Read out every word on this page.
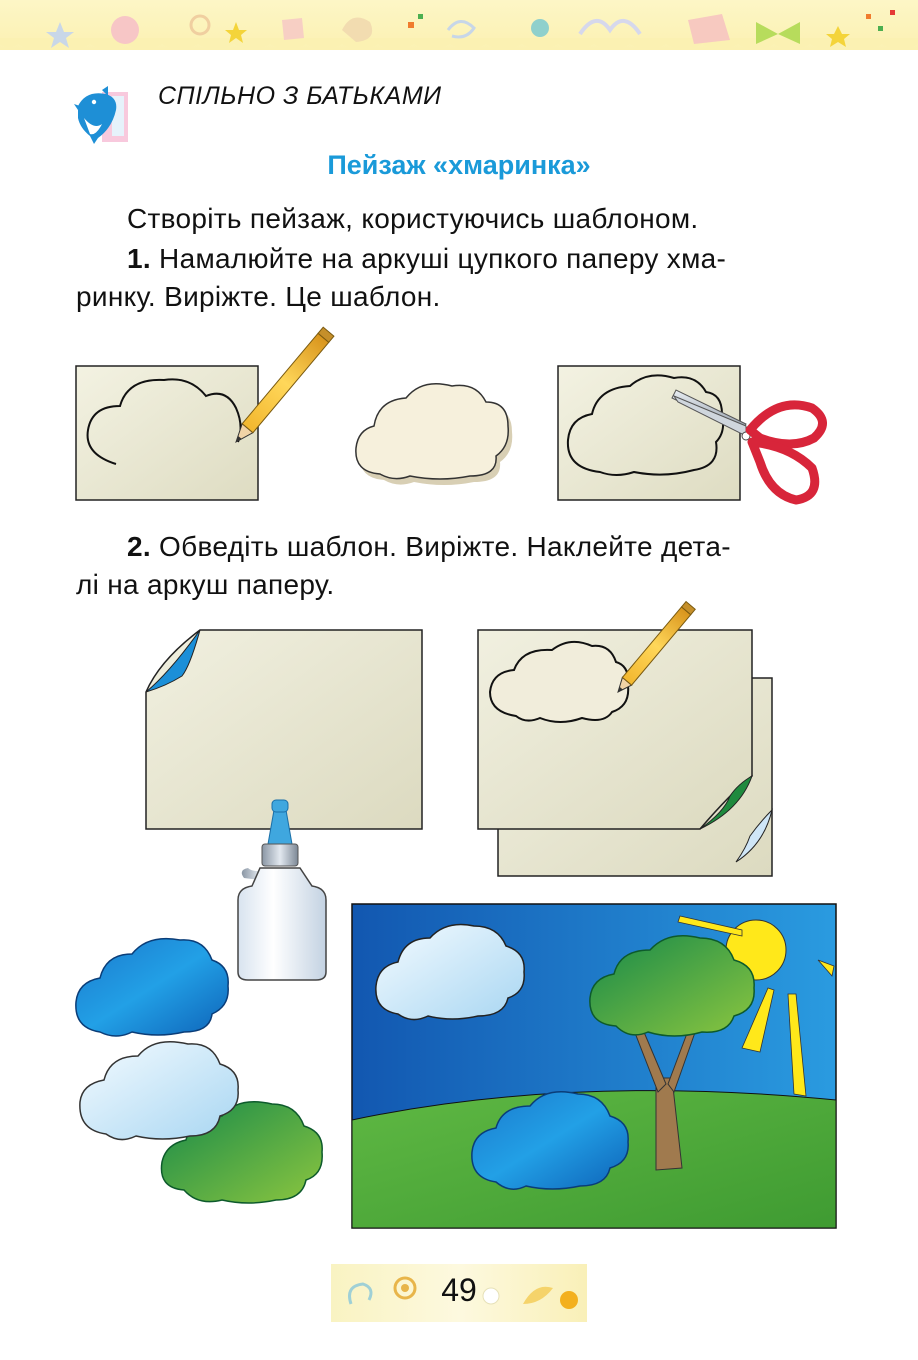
СПІЛЬНО З БАТЬКАМИ
Пейзаж «хмаринка»
Створіть пейзаж, користуючись шаблоном.
1. Намалюйте на аркуші цупкого паперу хма-
ринку. Виріжте. Це шаблон.
2. Обведіть шаблон. Виріжте. Наклейте дета-
лі на аркуш паперу.
49
